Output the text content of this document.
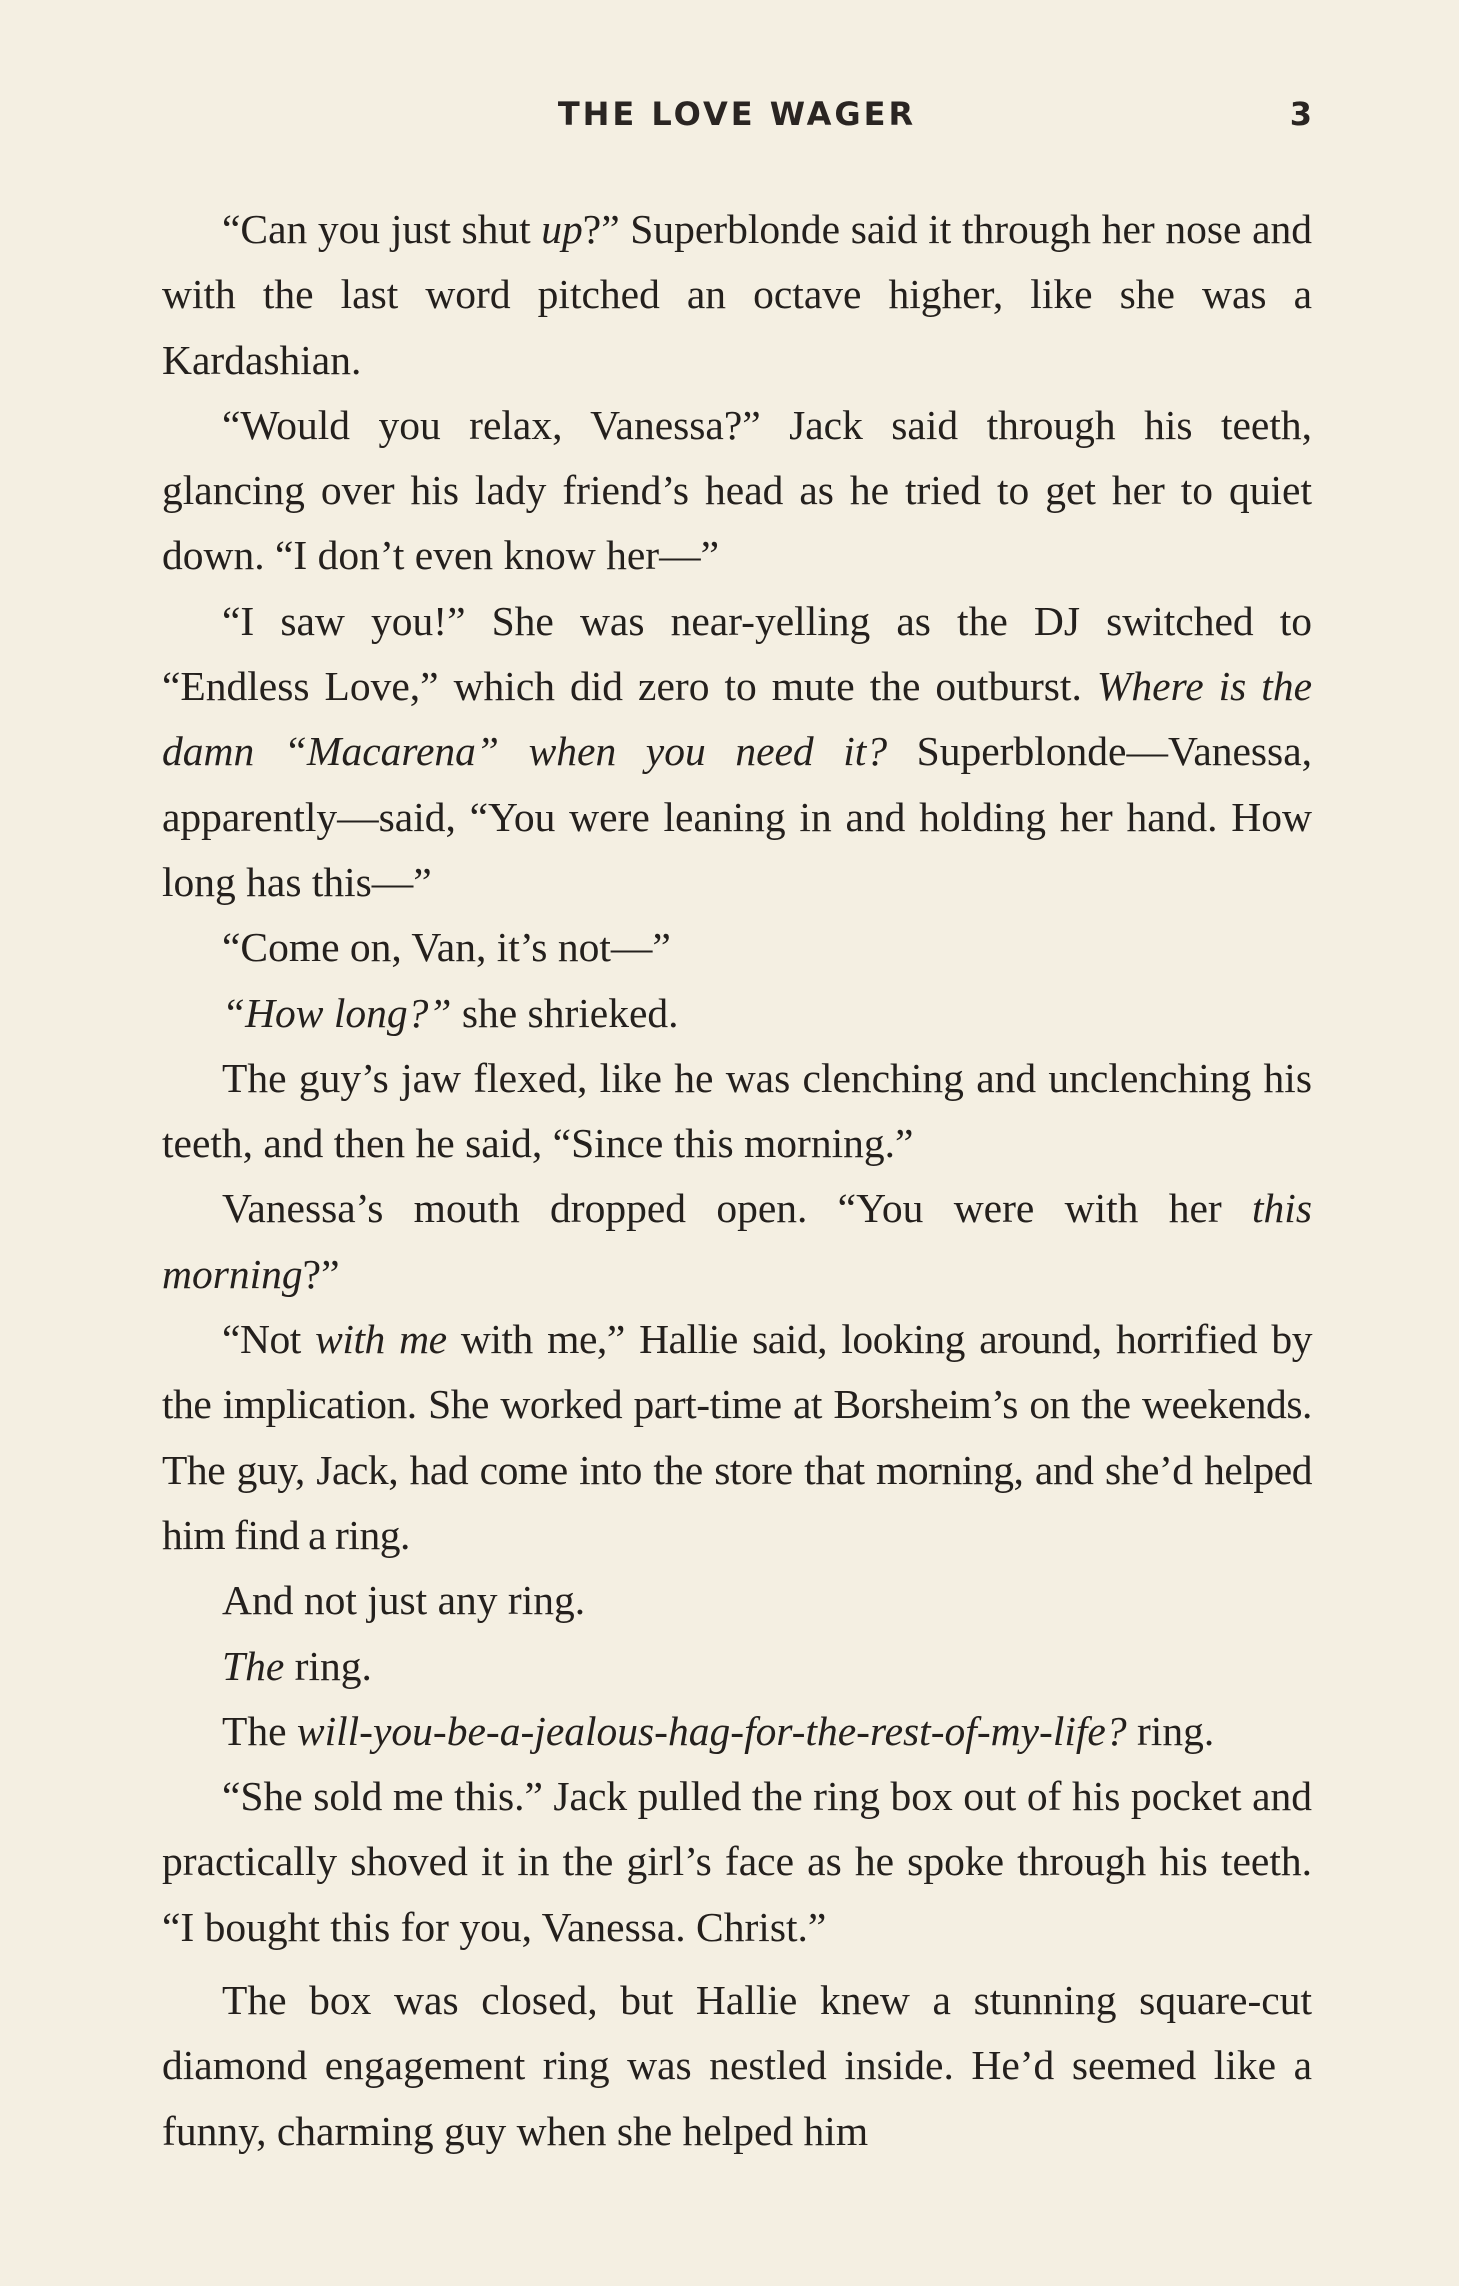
THE LOVE WAGER	3

“Can you just shut up?” Superblonde said it through her nose and with the last word pitched an octave higher, like she was a Kardashian.

“Would you relax, Vanessa?” Jack said through his teeth, glancing over his lady friend’s head as he tried to get her to quiet down. “I don’t even know her—”

“I saw you!” She was near-yelling as the DJ switched to “Endless Love,” which did zero to mute the outburst. Where is the damn “Macarena” when you need it? Superblonde—Vanessa, apparently—said, “You were leaning in and holding her hand. How long has this—”

“Come on, Van, it’s not—”

“How long?” she shrieked.

The guy’s jaw flexed, like he was clenching and unclenching his teeth, and then he said, “Since this morning.”

Vanessa’s mouth dropped open. “You were with her this morning?”

“Not with me with me,” Hallie said, looking around, horrified by the implication. She worked part-time at Borsheim’s on the weekends. The guy, Jack, had come into the store that morning, and she’d helped him find a ring.

And not just any ring.

The ring.

The will-you-be-a-jealous-hag-for-the-rest-of-my-life? ring.

“She sold me this.” Jack pulled the ring box out of his pocket and practically shoved it in the girl’s face as he spoke through his teeth. “I bought this for you, Vanessa. Christ.”

The box was closed, but Hallie knew a stunning square-cut diamond engagement ring was nestled inside. He’d seemed like a funny, charming guy when she helped him
